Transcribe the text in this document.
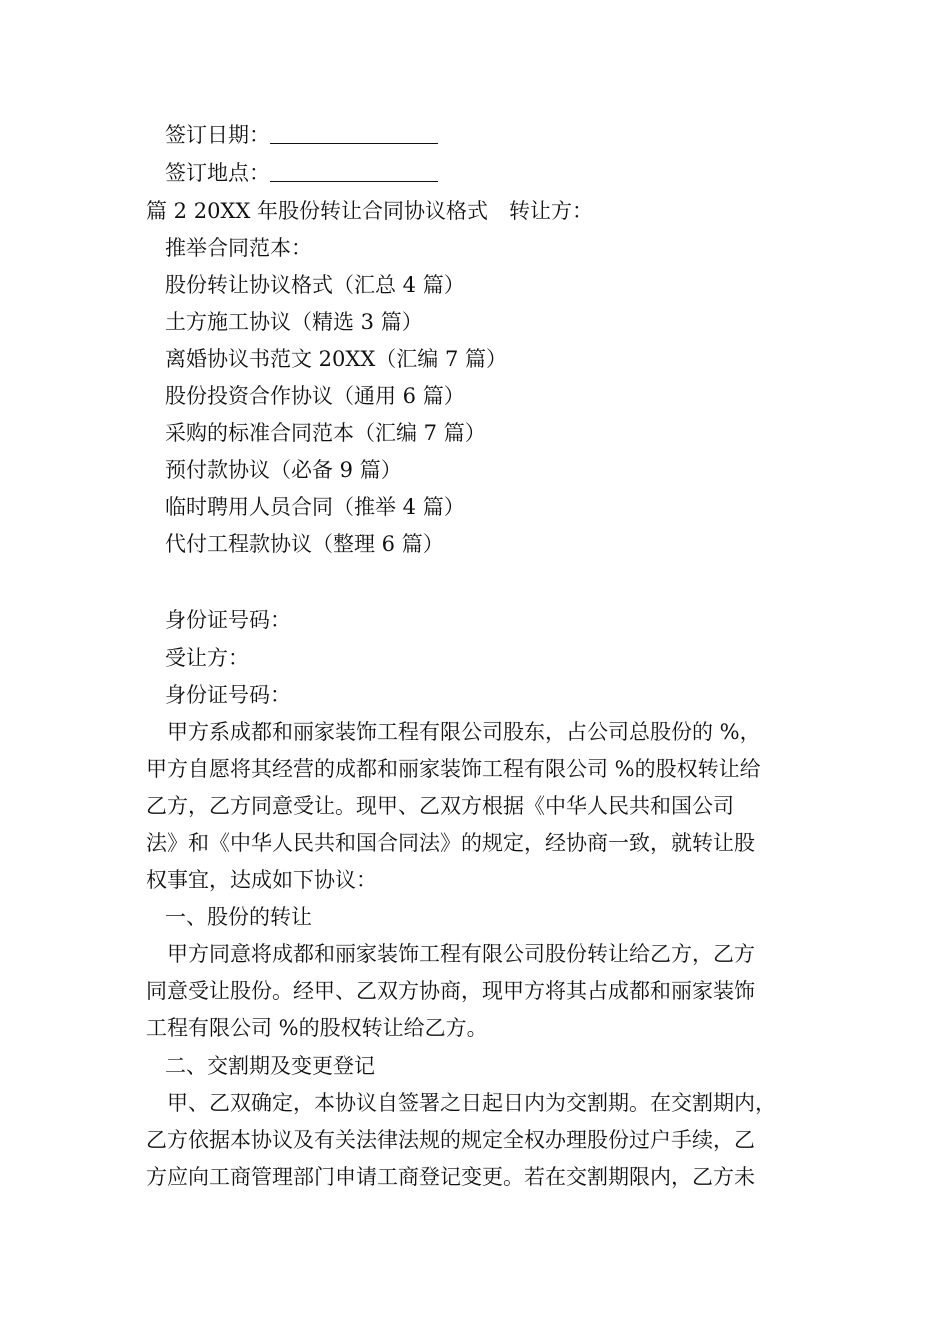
签订日期：
签订地点：
篇 2 20XX 年股份转让合同协议格式　转让方：
推举合同范本：
股份转让协议格式（汇总 4 篇）
土方施工协议（精选 3 篇）
离婚协议书范文 20XX（汇编 7 篇）
股份投资合作协议（通用 6 篇）
采购的标准合同范本（汇编 7 篇）
预付款协议（必备 9 篇）
临时聘用人员合同（推举 4 篇）
代付工程款协议（整理 6 篇）
身份证号码：
受让方：
身份证号码：
甲方系成都和丽家装饰工程有限公司股东，占公司总股份的 %，
甲方自愿将其经营的成都和丽家装饰工程有限公司 %的股权转让给
乙方，乙方同意受让。现甲、乙双方根据《中华人民共和国公司
法》和《中华人民共和国合同法》的规定，经协商一致，就转让股
权事宜，达成如下协议：
一、股份的转让
甲方同意将成都和丽家装饰工程有限公司股份转让给乙方，乙方
同意受让股份。经甲、乙双方协商，现甲方将其占成都和丽家装饰
工程有限公司 %的股权转让给乙方。
二、交割期及变更登记
甲、乙双确定，本协议自签署之日起日内为交割期。在交割期内，
乙方依据本协议及有关法律法规的规定全权办理股份过户手续，乙
方应向工商管理部门申请工商登记变更。若在交割期限内，乙方未
